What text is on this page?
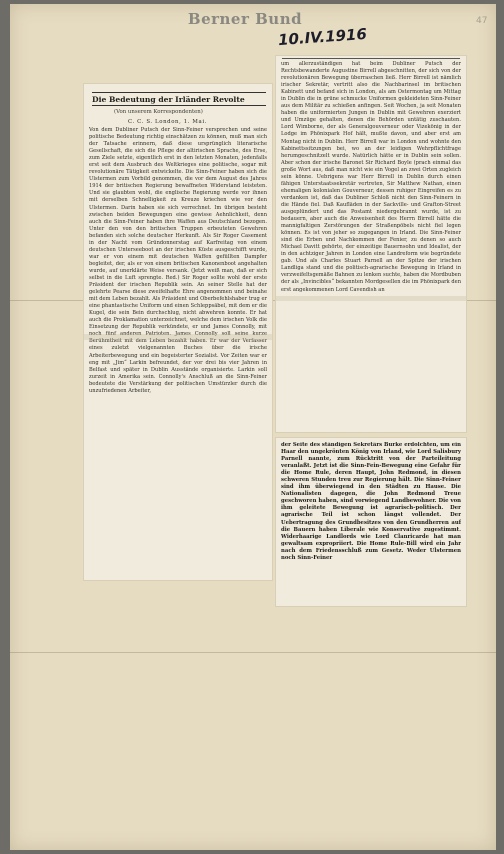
Berner Bund
10.IV.1916
47
Die Bedeutung der Irländer Revolte
(Von unserem Korrespondenten)
C. C. S. London, 1. Mai.
Von dem Dubliner Putsch der Sinn-Feiner versprechen und seine politische Bedeutung richtig einschätzen zu können, muß man sich der Tatsache erinnern, daß diese ursprünglich literarische Gesellschaft, die sich die Pflege der altirischen Sprache, des Erse, zum Ziele setzte, eigentlich erst in den letzten Monaten, jedenfalls erst seit dem Ausbruch des Weltkrieges eine politische, sogar mit revolutionäre Tätigkeit entwickelte. Die Sinn-Feiner haben sich die Ulstermen zum Vorbild genommen, die vor dem August des Jahres 1914 der britischen Regierung bewaffneten Widerstand leisteten. Und sie glaubten wohl, die englische Regierung werde vor ihnen mit derselben Schnelligkeit zu Kreuze kriechen wie vor den Ulstermen. Darin haben sie sich verrechnet. Im übrigen besteht zwischen beiden Bewegungen eine gewisse Aehnlichkeit, denn auch die Sinn-Feiner haben ihre Waffen aus Deutschland bezogen. Unter den von den britischen Truppen erbeuteten Gewehren befanden sich solche deutscher Herkunft. Als Sir Roger Casement in der Nacht vom Gründonnerstag auf Karfreitag von einem deutschen Unterseeboot an der irischen Küste ausgeschifft wurde, war er von einem mit deutschen Waffen gefüllten Dampfer begleitet, der, als er von einem britischen Kanonenboot angehalten wurde, auf unerklärte Weise versank. (Jetzt weiß man, daß er sich selbst in die Luft sprengte. Red.) Sir Roger sollte wohl der erste Präsident der irischen Republik sein. An seiner Stelle hat der gelehrte Pearse diese zweifelhafte Ehre angenommen und beinahe mit dem Leben bezahlt. Als Präsident und Oberbefehlshaber trug er eine phantastische Uniform und einen Schleppsäbel, mit dem er die Kugel, die sein Bein durchschlug, nicht abwehren konnte. Er hat auch die Proklamation unterzeichnet, welche dem irischen Volk die Einsetzung der Republik verkündete, er und James Connolly, mit noch fünf anderen Patrioten. James Connolly soll seine kurze Berühmtheit mit dem Leben bezahlt haben. Er war der Verfasser eines zuletzt vielgenannten Buches über die irische Arbeiterbewegung und ein begeisterter Sozialist. Vor Zeiten war er eng mit „Jim“ Larkin befreundet, der vor drei bis vier Jahren in Belfast und später in Dublin Ausstände organisierte. Larkin soll zurzeit in Amerika sein. Connolly's Anschluß an die Sinn-Feiner bedeutete die Verstärkung der politischen Umstürzler durch die unzufriedenen Arbeiter,
um allerzuständigen hat beim Dubliner Putsch der Rechtsbewanderte Augustine Birrell abgeschnitten, der sich von der revolutionären Bewegung überraschen ließ. Herr Birrell ist nämlich irischer Sekretär, vertritt also die Nachbarinsel im britischen Kabinett und befand sich in London, als am Ostermontag um Mittag in Dublin die in grüne schmucke Uniformen gekleideten Sinn-Feiner aus dem Militär zu schießen anfingen. Seit Wochen, ja seit Monaten haben die uniformierten Jungen in Dublin mit Gewehren exerziert und Umzüge gehalten, denen die Behörden untätig zuschauten. Lord Wimborne, der als Generalgouverneur oder Vizekönig in der Lodge im Phönixpark Hof hält, mußte davon, und aber erst am Montag nicht in Dublin. Herr Birrell war in London und wohnte den Kabinettssitzungen bei, wo an der leidigen Wehrpflichtfrage herumgeschnitzelt wurde. Natürlich hätte er in Dublin sein sollen. Aber schon der irische Baronet Sir Richard Boyle (prach einmal das große Wort aus, daß man nicht wie ein Vogel an zwei Orten zugleich sein könne. Uebrigens war Herr Birrell in Dublin durch einen fähigen Unterstaatssekretär vertreten, Sir Matthew Nathan, einen ehemaligen kolonialen Gouverneur, dessen ruhiger Eingreifen es zu verdanken ist, daß das Dubliner Schloß nicht den Sinn-Feinern in die Hände fiel. Daß Kaufläden in der Sackville- und Grafton-Street ausgeplündert und das Postamt niedergebrannt wurde, ist zu bedauern, aber auch die Anweisenheit des Herrn Birrell hätte die mannigfaltigen Zerstörungen der Straßenpöbels nicht fiel legen können. Es ist von jeher so zugegangen in Irland. Die Sinn-Feiner sind die Erben und Nachkommen der Fenier, zu denen so auch Michael Davitt gehörte, der einzeitige Bauernsohn und Idealist, der in den achtziger Jahren in London eine Landreform wie begründete gab. Und als Charles Stuart Parnell an der Spitze der irischen Landliga stand und die politisch-agrarische Bewegung in Irland in verzweifeltsgemäße Bahnen zu lenken suchte, haben die Mordbuben der als „Invincibles“ bekannten Mordgesellen die im Phönixpark den erst angekommenen Lord Cavendish an
der Seite des ständigen Sekretärs Burke erdolchten, um ein Haar den ungekrönten König von Irland, wie Lord Salisbury Parnell nannte, zum Rücktritt von der Parteileitung veranlaßt. Jetzt ist die Sinn-Fein-Bewegung eine Gefahr für die Home Rule, deren Haupt, John Redmond, in diesen schweren Stunden treu zur Regierung hält. Die Sinn-Feiner sind ihm überwiegend in den Städten zu Hause. Die Nationalisten dagegen, die John Redmond Treue geschworen haben, sind vorwiegend Landbewohner. Die von ihm geleitete Bewegung ist agrarisch-politisch. Der agrarische Teil ist schon längst vollendet. Der Uebertragung des Grundbesitzes von den Grundherren auf die Bauern haben Liberale wie Konservative zugestimmt. Widerhaarige Landlords wie Lord Clanricarde hat man gewaltsam expropriiert. Die Home Rule-Bill wird ein Jahr nach dem Friedensschluß zum Gesetz. Weder Ulstermen noch Sinn-Feiner
